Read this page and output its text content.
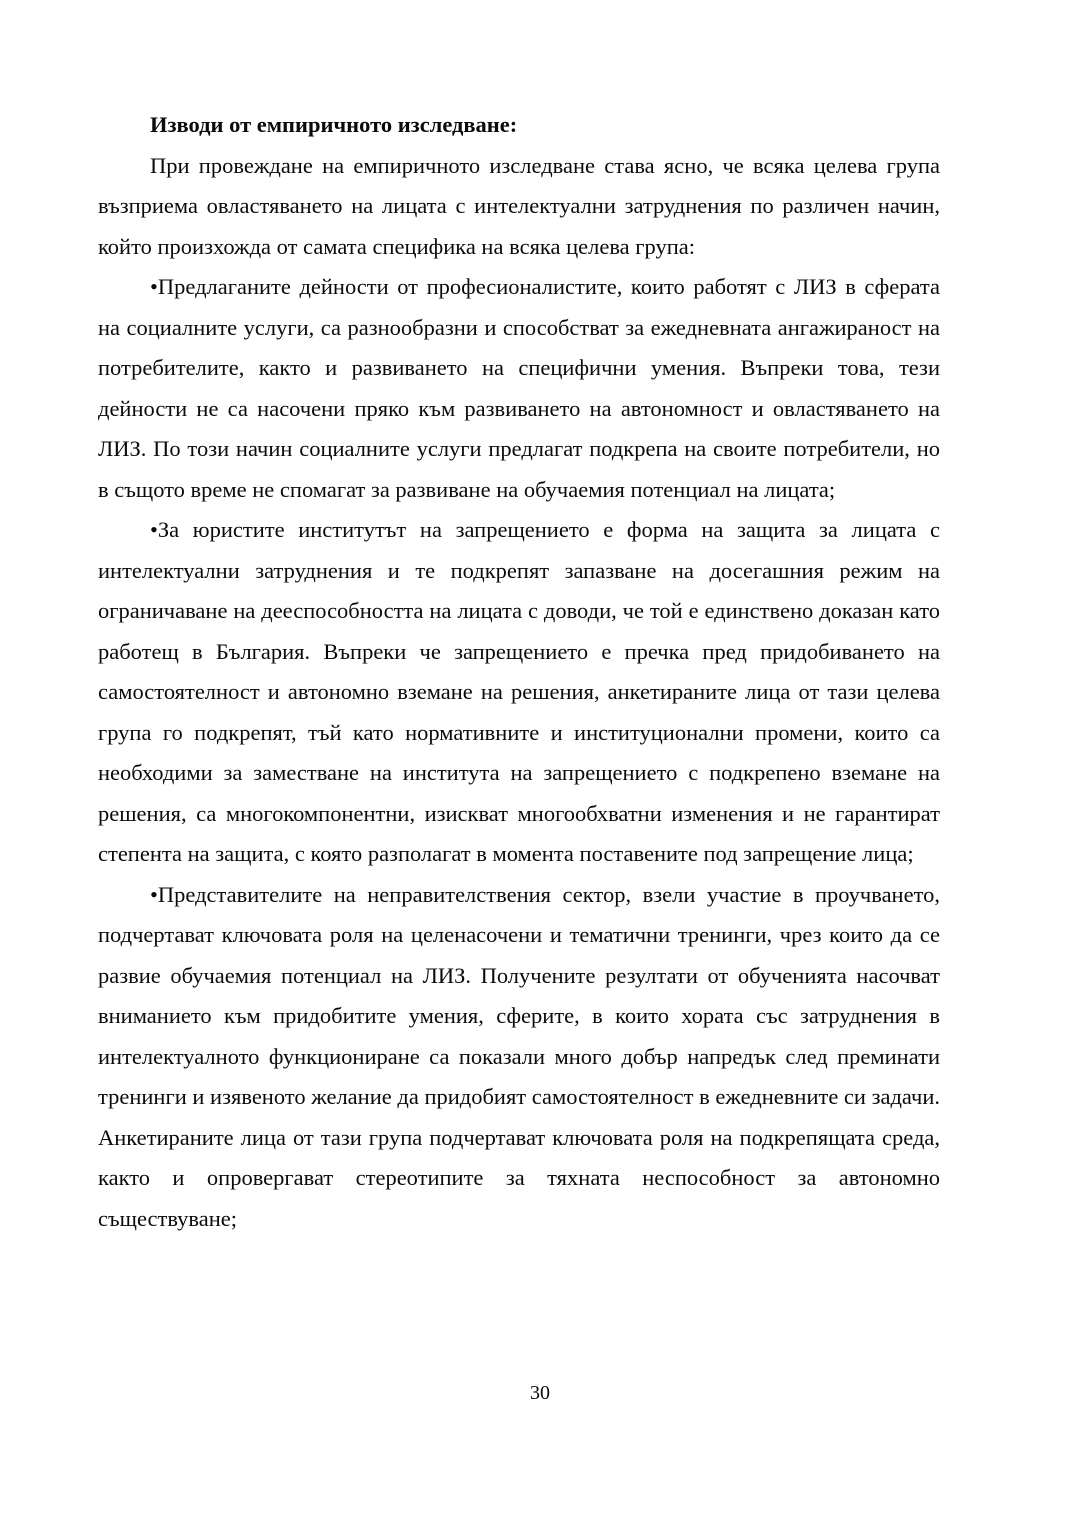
Изводи от емпиричното изследване:

При провеждане на емпиричното изследване става ясно, че всяка целева група възприема овластяването на лицата с интелектуални затруднения по различен начин, който произхожда от самата специфика на всяка целева група:

•Предлаганите дейности от професионалистите, които работят с ЛИЗ в сферата на социалните услуги, са разнообразни и способстват за ежедневната ангажираност на потребителите, както и развиването на специфични умения. Въпреки това, тези дейности не са насочени пряко към развиването на автономност и овластяването на ЛИЗ. По този начин социалните услуги предлагат подкрепа на своите потребители, но в същото време не спомагат за развиване на обучаемия потенциал на лицата;

•За юристите институтът на запрещението е форма на защита за лицата с интелектуални затруднения и те подкрепят запазване на досегашния режим на ограничаване на дееспособността на лицата с доводи, че той е единствено доказан като работещ в България. Въпреки че запрещението е пречка пред придобиването на самостоятелност и автономно вземане на решения, анкетираните лица от тази целева група го подкрепят, тъй като нормативните и институционални промени, които са необходими за заместване на института на запрещението с подкрепено вземане на решения, са многокомпонентни, изискват многообхватни изменения и не гарантират степента на защита, с която разполагат в момента поставените под запрещение лица;

•Представителите на неправителствения сектор, взели участие в проучването, подчертават ключовата роля на целенасочени и тематични тренинги, чрез които да се развие обучаемия потенциал на ЛИЗ. Получените резултати от обученията насочват вниманието към придобитите умения, сферите, в които хората със затруднения в интелектуалното функциониране са показали много добър напредък след преминати тренинги и изявеното желание да придобият самостоятелност в ежедневните си задачи. Анкетираните лица от тази група подчертават ключовата роля на подкрепящата среда, както и опровергават стереотипите за тяхната неспособност за автономно съществуване;

30
